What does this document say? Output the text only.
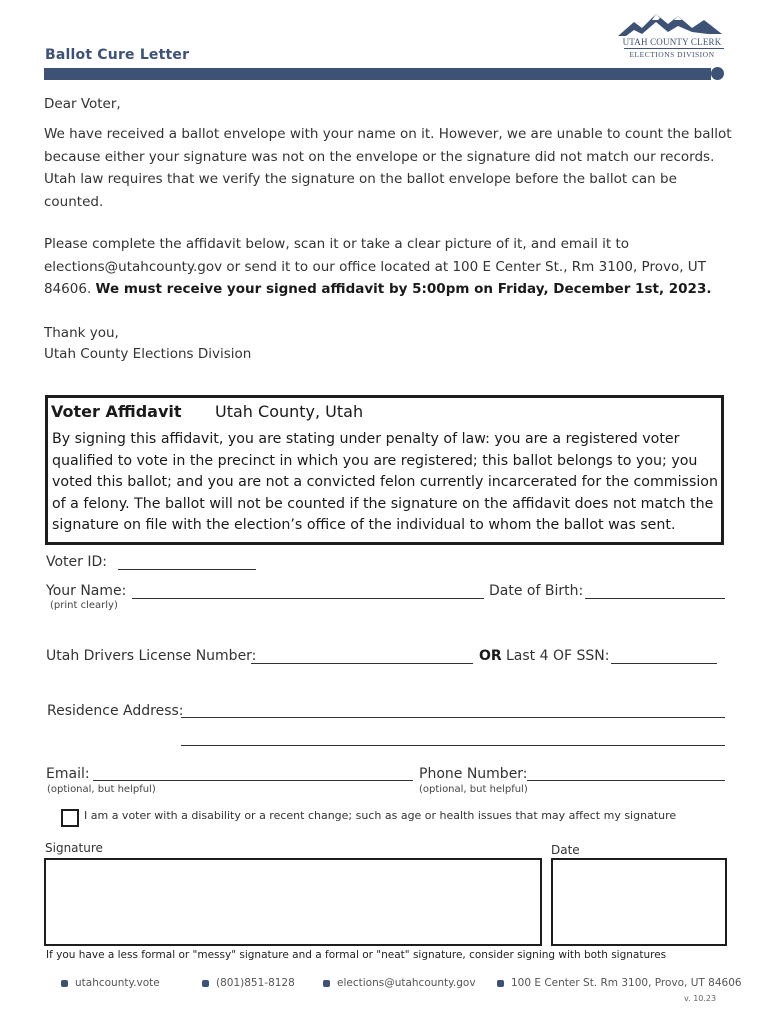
Ballot Cure Letter
UTAH COUNTY CLERK
ELECTIONS DIVISION
Dear Voter,
We have received a ballot envelope with your name on it. However, we are unable to count the ballot because either your signature was not on the envelope or the signature did not match our records. Utah law requires that we verify the signature on the ballot envelope before the ballot can be counted.
Please complete the affidavit below, scan it or take a clear picture of it, and email it to elections@utahcounty.gov or send it to our office located at 100 E Center St., Rm 3100, Provo, UT 84606. We must receive your signed affidavit by 5:00pm on Friday, December 1st, 2023.
Thank you,
Utah County Elections Division
Voter Affidavit Utah County, Utah
By signing this affidavit, you are stating under penalty of law: you are a registered voter qualified to vote in the precinct in which you are registered; this ballot belongs to you; you voted this ballot; and you are not a convicted felon currently incarcerated for the commission of a felony. The ballot will not be counted if the signature on the affidavit does not match the signature on file with the election’s office of the individual to whom the ballot was sent.
Voter ID:
Your Name:
(print clearly)
Date of Birth:
Utah Drivers License Number:	OR Last 4 OF SSN:
Residence Address:
Email:
(optional, but helpful)
Phone Number:
(optional, but helpful)
I am a voter with a disability or a recent change; such as age or health issues that may affect my signature
Signature	Date
If you have a less formal or "messy" signature and a formal or "neat" signature, consider signing with both signatures
utahcounty.vote	(801)851-8128	elections@utahcounty.gov	100 E Center St. Rm 3100, Provo, UT 84606
v. 10.23
